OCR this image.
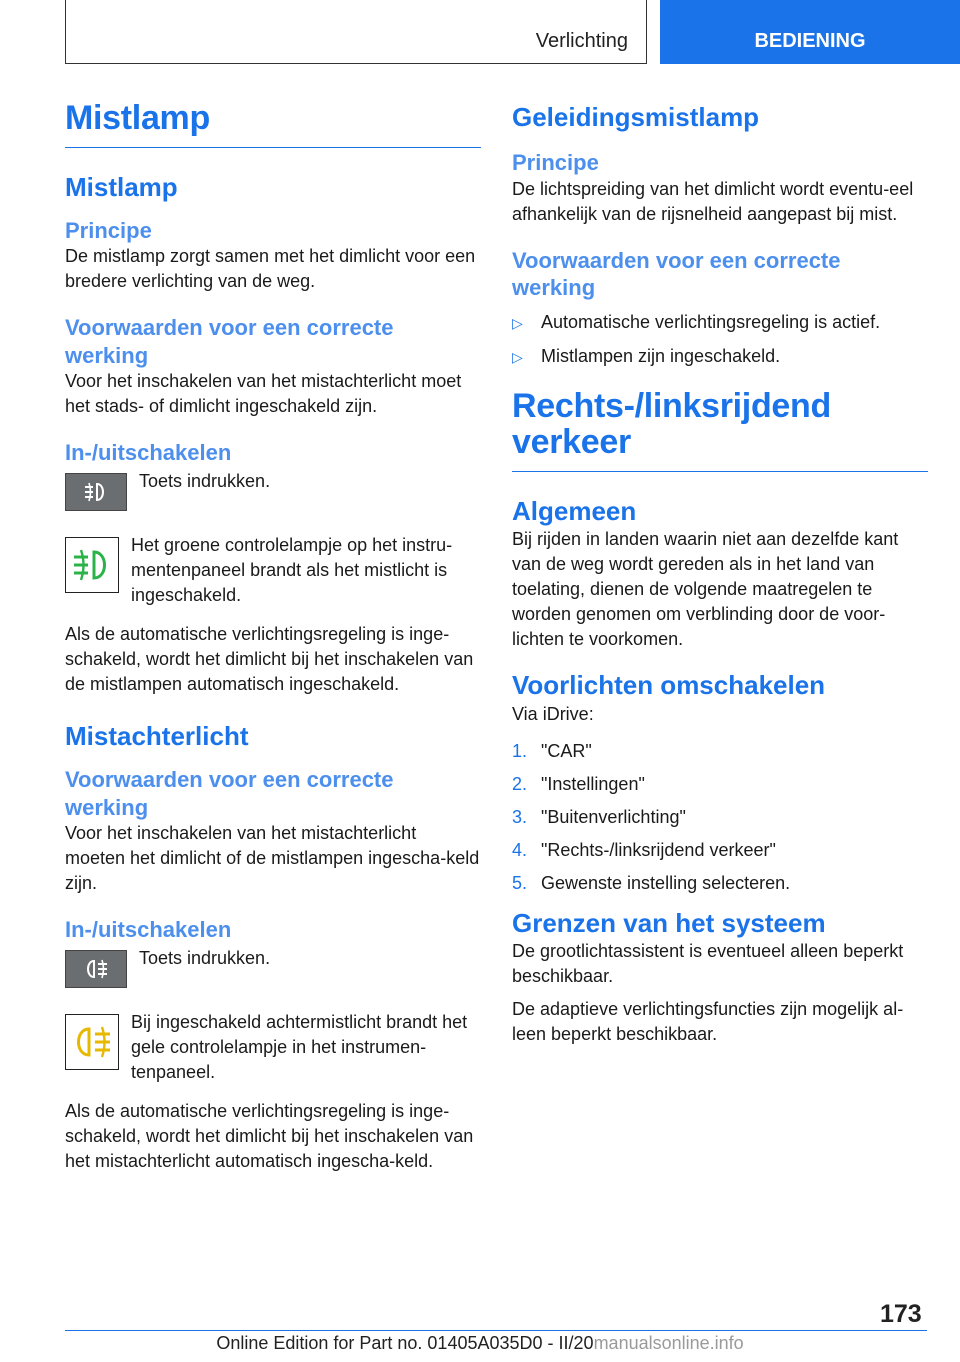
Verlichting	BEDIENING
Mistlamp
Mistlamp
Principe

De mistlamp zorgt samen met het dimlicht voor een bredere verlichting van de weg.

Voorwaarden voor een correcte werking

Voor het inschakelen van het mistachterlicht moet het stads- of dimlicht ingeschakeld zijn.

In-/uitschakelen

Toets indrukken.

Het groene controlelampje op het instru-mentenpaneel brandt als het mistlicht is ingeschakeld.

Als de automatische verlichtingsregeling is inge-schakeld, wordt het dimlicht bij het inschakelen van de mistlampen automatisch ingeschakeld.

Mistachterlicht
Voorwaarden voor een correcte werking

Voor het inschakelen van het mistachterlicht moeten het dimlicht of de mistlampen ingescha-keld zijn.

In-/uitschakelen

Toets indrukken.

Bij ingeschakeld achtermistlicht brandt het gele controlelampje in het instrumen-tenpaneel.

Als de automatische verlichtingsregeling is inge-schakeld, wordt het dimlicht bij het inschakelen van het mistachterlicht automatisch ingescha-keld.

Geleidingsmistlamp
Principe

De lichtspreiding van het dimlicht wordt eventu-eel afhankelijk van de rijsnelheid aangepast bij mist.

Voorwaarden voor een correcte werking
▷	Automatische verlichtingsregeling is actief.
▷	Mistlampen zijn ingeschakeld.
Rechts-/linksrijdend verkeer
Algemeen

Bij rijden in landen waarin niet aan dezelfde kant van de weg wordt gereden als in het land van toelating, dienen de volgende maatregelen te worden genomen om verblinding door de voor-lichten te voorkomen.

Voorlichten omschakelen

Via iDrive:

1. "CAR"
2. "Instellingen"
3. "Buitenverlichting"
4. "Rechts-/linksrijdend verkeer"
5. Gewenste instelling selecteren.
Grenzen van het systeem

De grootlichtassistent is eventueel alleen beperkt beschikbaar.

De adaptieve verlichtingsfuncties zijn mogelijk al-leen beperkt beschikbaar.

173
Online Edition for Part no. 01405A035D0 - II/20manualsonline.info
